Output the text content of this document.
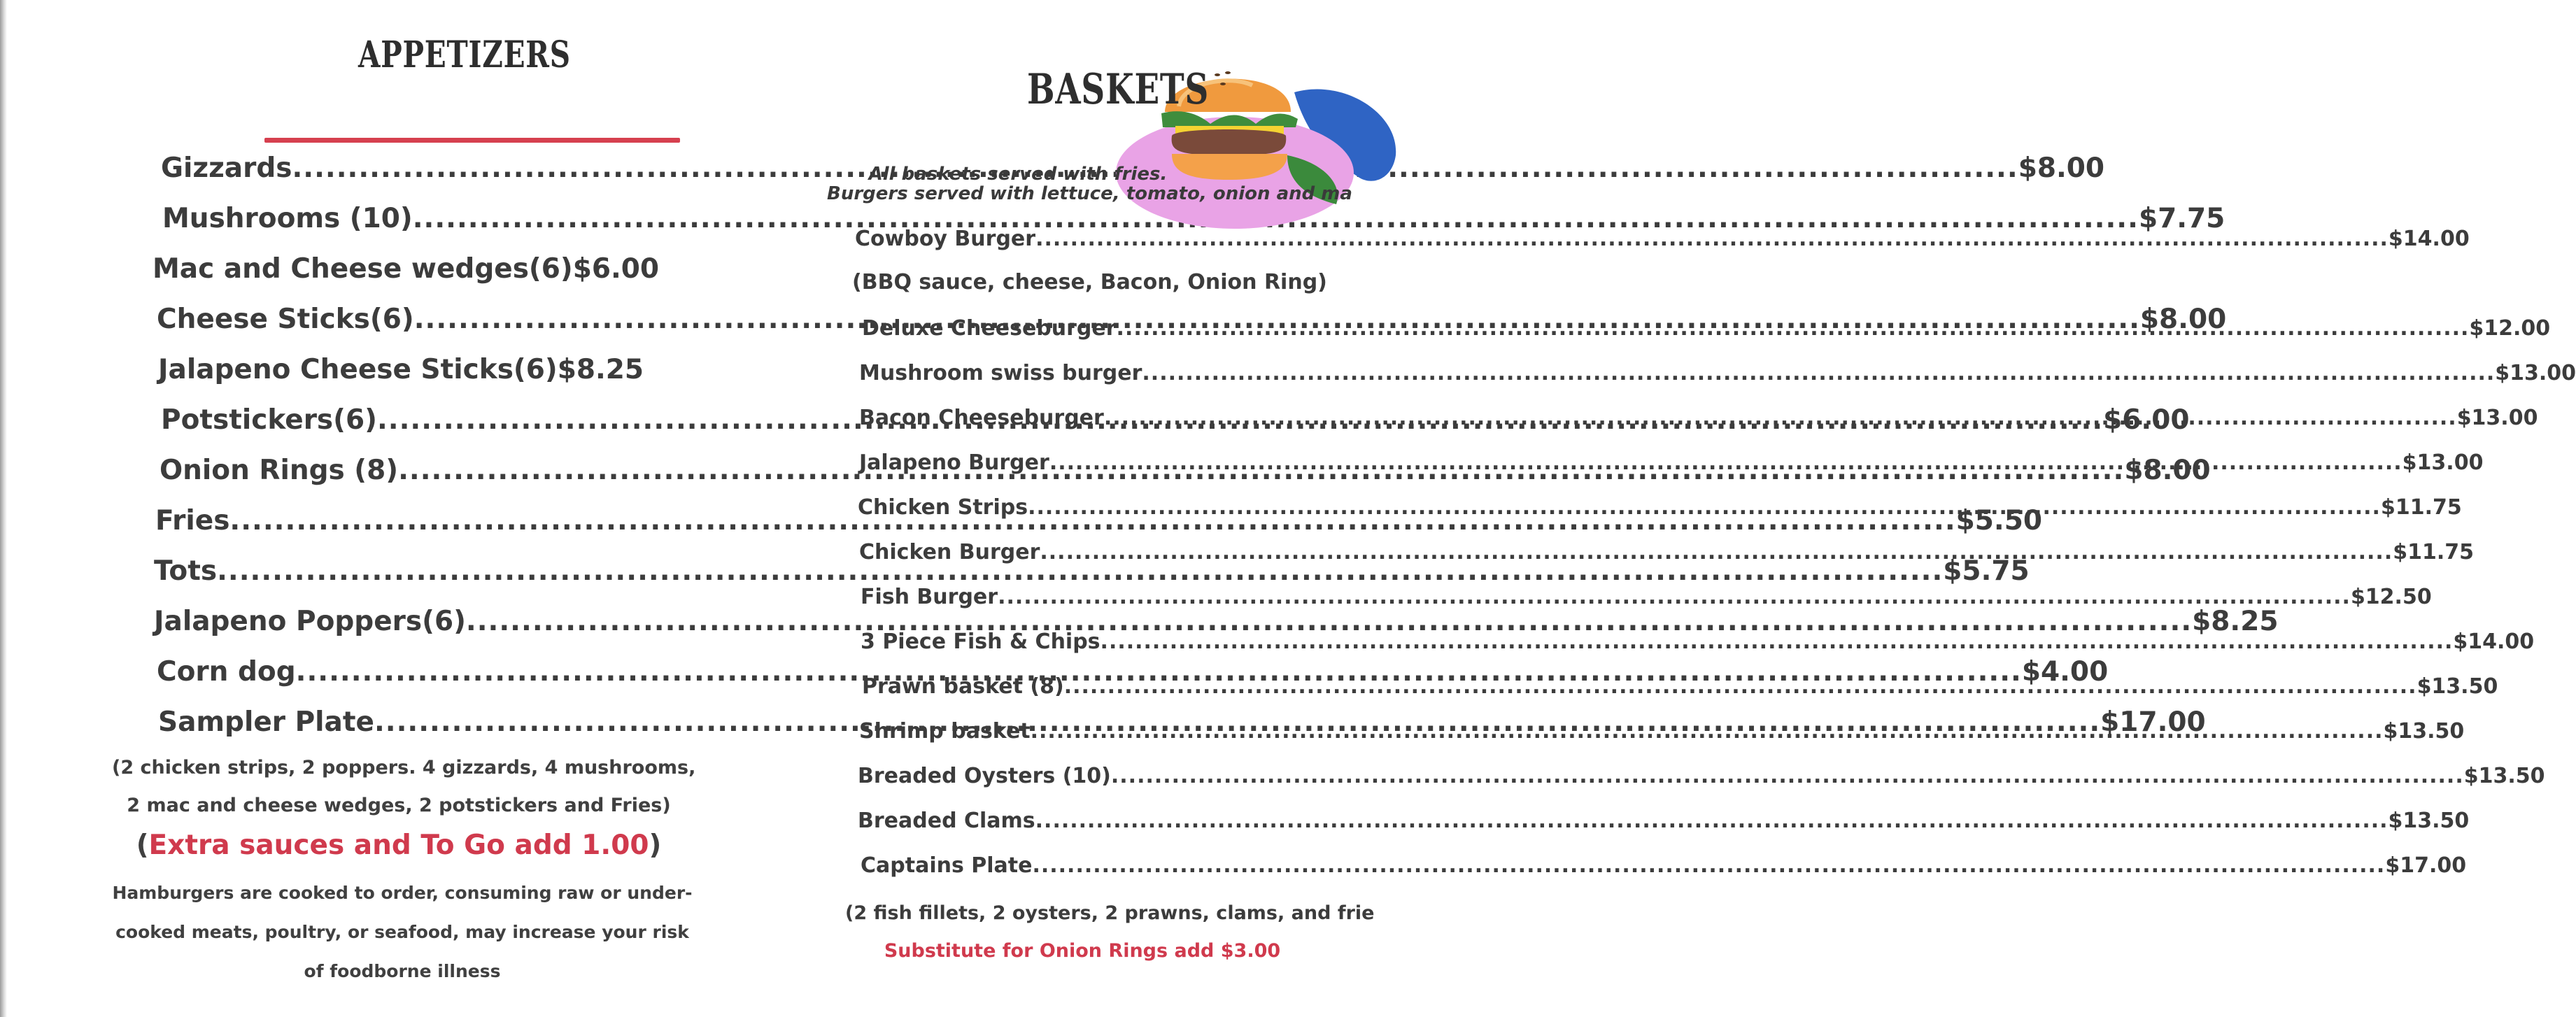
APPETIZERS
Gizzards .....	$8.00
Mushrooms (10) .....	$7.75
Mac and Cheese wedges(6) $6.00
Cheese Sticks(6) .....	$8.00
Jalapeno Cheese Sticks(6) $8.25
Potstickers(6) .....	$6.00
Onion Rings (8) .....	$8.00
Fries .....	$5.50
Tots .....	$5.75
Jalapeno Poppers(6) .....	$8.25
Corn dog .....	$4.00
Sampler Plate .....	$17.00
(2 chicken strips, 2 poppers. 4 gizzards, 4 mushrooms,
2 mac and cheese wedges, 2 potstickers and Fries)
(Extra sauces and To Go add 1.00)
Hamburgers are cooked to order, consuming raw or under-
cooked meats, poultry, or seafood, may increase your risk
of foodborne illness
BASKETS
All baskets served with fries.
Burgers served with lettuce, tomato, onion and ma
Cowboy Burger .....	$14.00
(BBQ sauce, cheese, Bacon, Onion Ring)
Deluxe Cheeseburger .....	$12.00
Mushroom swiss burger .....	$13.00
Bacon Cheeseburger .....	$13.00
Jalapeno Burger .....	$13.00
Chicken Strips .....	$11.75
Chicken Burger .....	$11.75
Fish Burger .....	$12.50
3 Piece Fish & Chips .....	$14.00
Prawn basket (8) .....	$13.50
Shrimp basket .....	$13.50
Breaded Oysters (10) .....	$13.50
Breaded Clams .....	$13.50
Captains Plate .....	$17.00
(2 fish fillets, 2 oysters, 2 prawns, clams, and frie
Substitute for Onion Rings add $3.00
